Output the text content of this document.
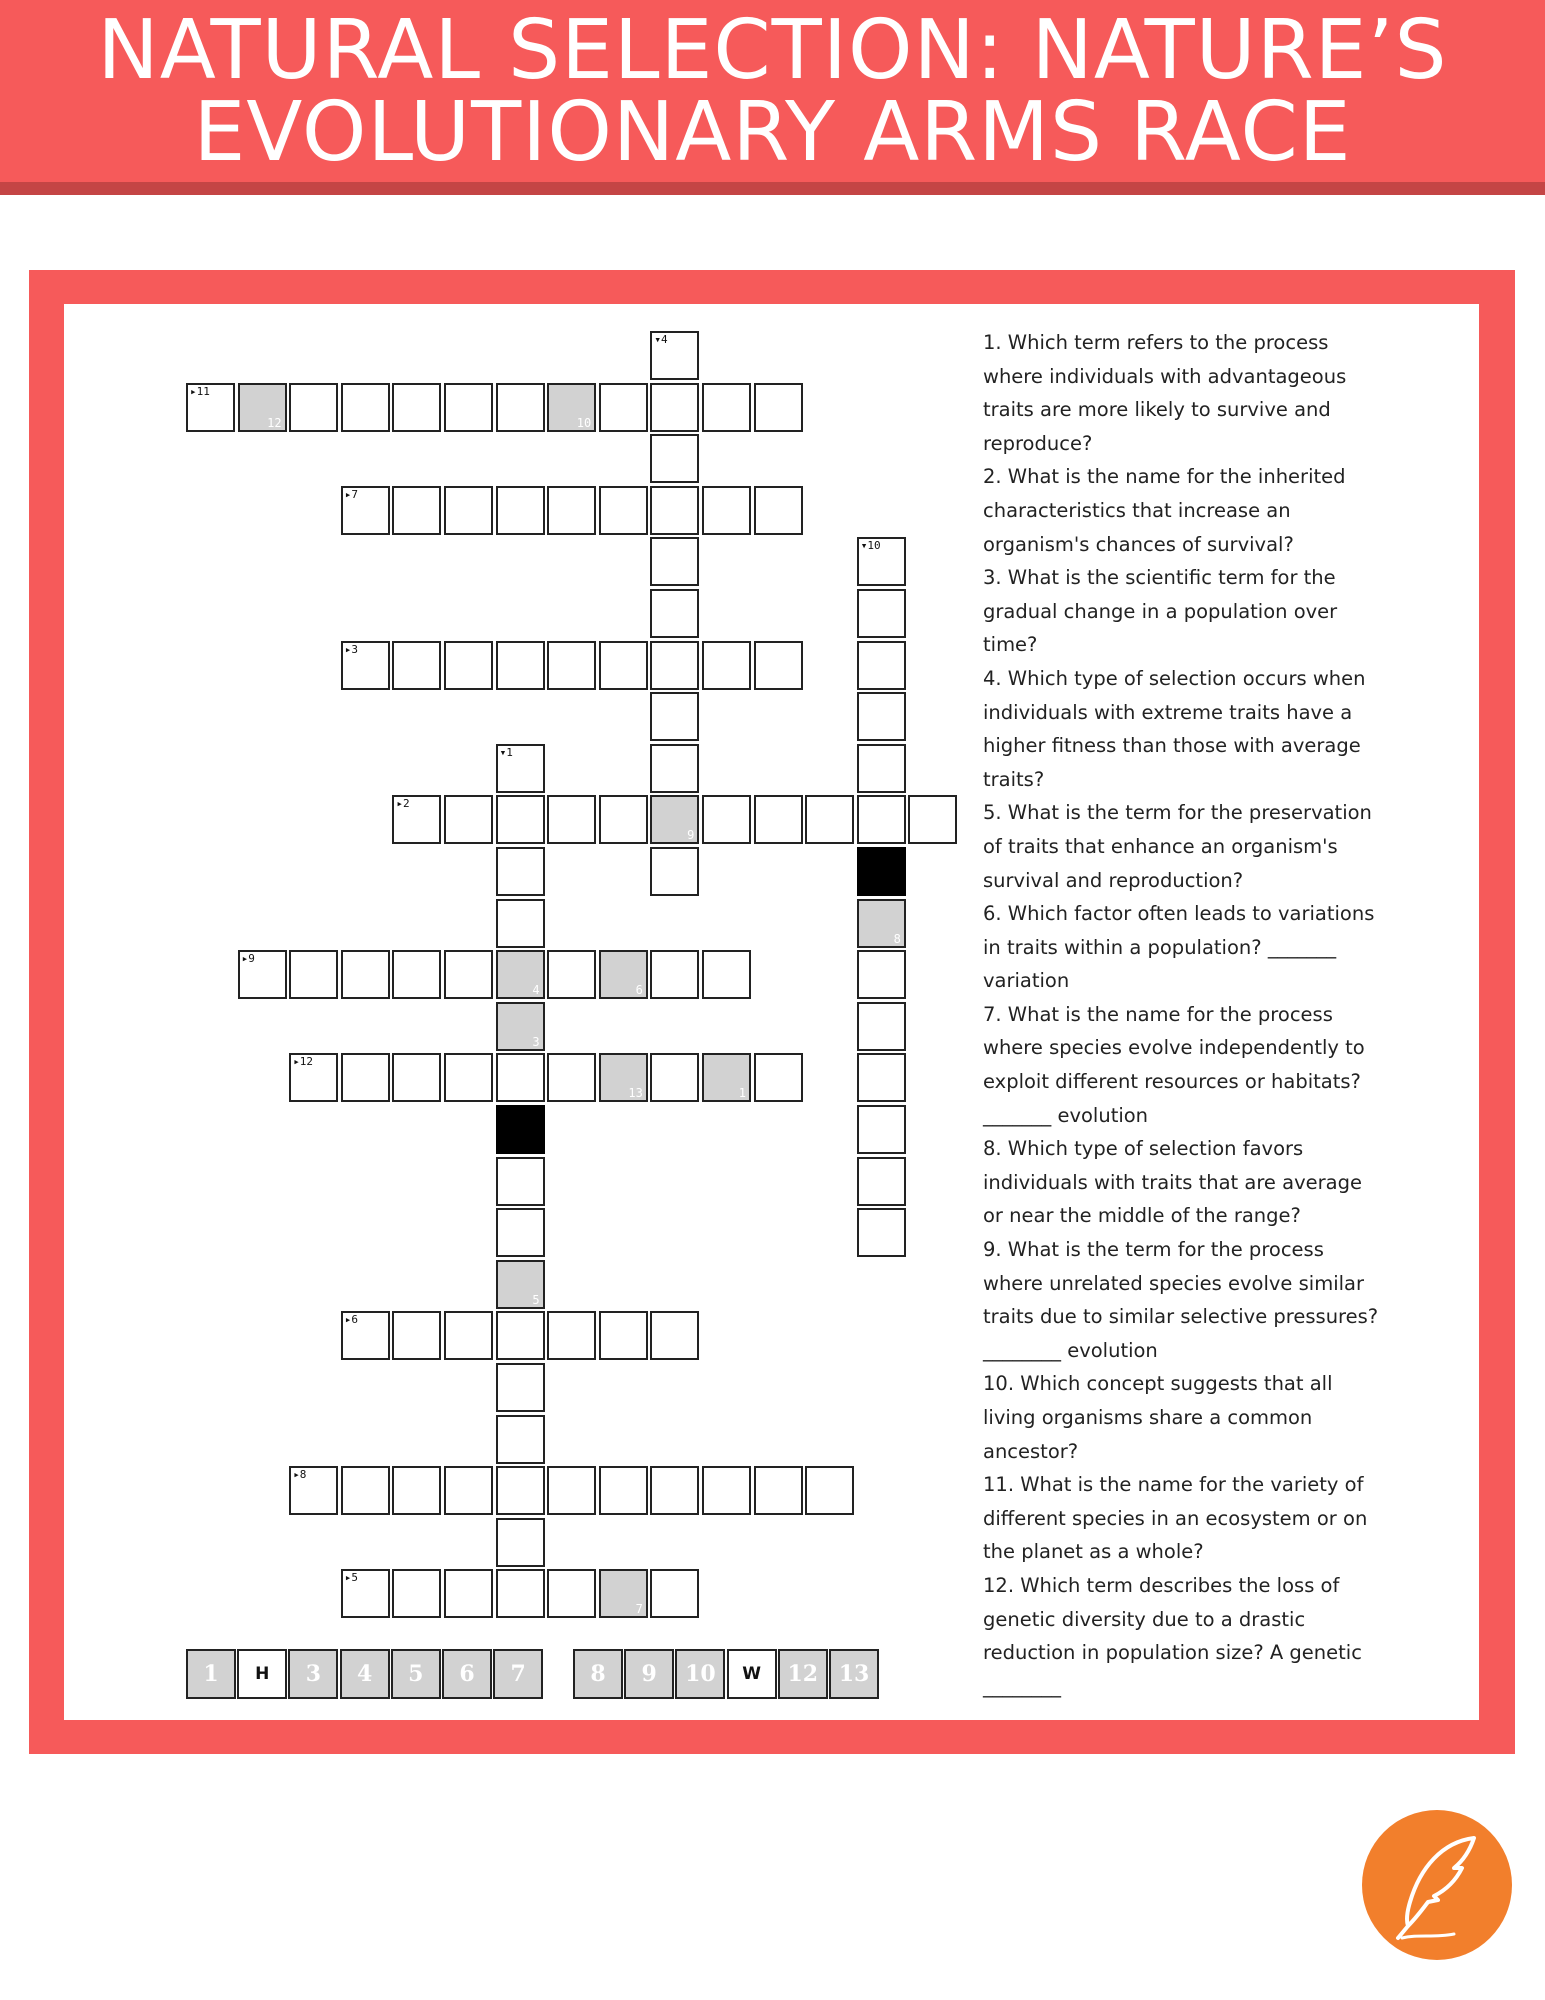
NATURAL SELECTION: NATURE’S
EVOLUTIONARY ARMS RACE
▸11
12	10
▸7
▸3
▸2
9
▸9
4	6
▸12
13	1
▸6
▸8
▸5
7
▾4
▾10
8
▾1
3
5
1	H	3	4	5	6	7	8	9	10	W	12 13

1. Which term refers to the process where individuals with advantageous traits are more likely to survive and reproduce?

2. What is the name for the inherited characteristics that increase an organism's chances of survival?

3. What is the scientific term for the gradual change in a population over time?

4. Which type of selection occurs when individuals with extreme traits have a higher fitness than those with average traits?

5. What is the term for the preservation of traits that enhance an organism's survival and reproduction?

6. Which factor often leads to variations in traits within a population? _______ variation

7. What is the name for the process where species evolve independently to exploit different resources or habitats? _______ evolution

8. Which type of selection favors individuals with traits that are average or near the middle of the range?

9. What is the term for the process where unrelated species evolve similar traits due to similar selective pressures? ________ evolution

10. Which concept suggests that all living organisms share a common ancestor?

11. What is the name for the variety of different species in an ecosystem or on the planet as a whole?

12. Which term describes the loss of genetic diversity due to a drastic reduction in population size? A genetic ________
